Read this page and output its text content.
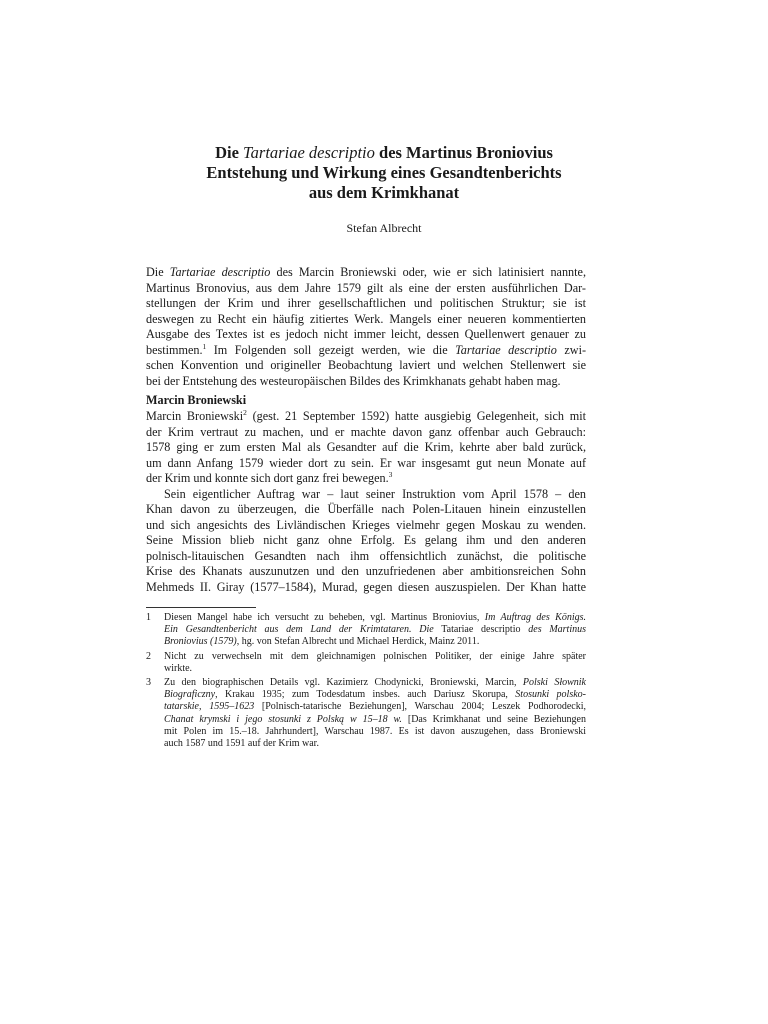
Die Tartariae descriptio des Martinus Broniovius
Entstehung und Wirkung eines Gesandtenberichts
aus dem Krimkhanat
Stefan Albrecht
Die Tartariae descriptio des Marcin Broniewski oder, wie er sich latinisiert nannte,
Martinus Bronovius, aus dem Jahre 1579 gilt als eine der ersten ausführlichen Dar-
stellungen der Krim und ihrer gesellschaftlichen und politischen Struktur; sie ist
deswegen zu Recht ein häufig zitiertes Werk. Mangels einer neueren kommentierten
Ausgabe des Textes ist es jedoch nicht immer leicht, dessen Quellenwert genauer zu
bestimmen.$^1$ Im Folgenden soll gezeigt werden, wie die Tartariae descriptio zwi-
schen Konvention und origineller Beobachtung laviert und welchen Stellenwert sie
bei der Entstehung des westeuropäischen Bildes des Krimkhanats gehabt haben mag.
Marcin Broniewski
Marcin Broniewski$^2$ (gest. 21 September 1592) hatte ausgiebig Gelegenheit, sich mit
der Krim vertraut zu machen, und er machte davon ganz offenbar auch Gebrauch:
1578 ging er zum ersten Mal als Gesandter auf die Krim, kehrte aber bald zurück,
um dann Anfang 1579 wieder dort zu sein. Er war insgesamt gut neun Monate auf
der Krim und konnte sich dort ganz frei bewegen.$^3$
Sein eigentlicher Auftrag war – laut seiner Instruktion vom April 1578 – den
Khan davon zu überzeugen, die Überfälle nach Polen-Litauen hinein einzustellen
und sich angesichts des Livländischen Krieges vielmehr gegen Moskau zu wenden.
Seine Mission blieb nicht ganz ohne Erfolg. Es gelang ihm und den anderen
polnisch-litauischen Gesandten nach ihm offensichtlich zunächst, die politische
Krise des Khanats auszunutzen und den unzufriedenen aber ambitionsreichen Sohn
Mehmeds II. Giray (1577–1584), Murad, gegen diesen auszuspielen. Der Khan hatte
1 Diesen Mangel habe ich versucht zu beheben, vgl. Martinus Broniovius, Im Auftrag des Königs.
Ein Gesandtenbericht aus dem Land der Krimtataren. Die Tatariae descriptio des Martinus
Broniovius (1579), hg. von Stefan Albrecht und Michael Herdick, Mainz 2011.
2 Nicht zu verwechseln mit dem gleichnamigen polnischen Politiker, der einige Jahre später
wirkte.
3 Zu den biographischen Details vgl. Kazimierz Chodynicki, Broniewski, Marcin, Polski Słownik
Biograficzny, Krakau 1935; zum Todesdatum insbes. auch Dariusz Skorupa, Stosunki polsko-
tatarskie, 1595–1623 [Polnisch-tatarische Beziehungen], Warschau 2004; Leszek Podhorodecki,
Chanat krymski i jego stosunki z Polską w 15–18 w. [Das Krimkhanat und seine Beziehungen
mit Polen im 15.–18. Jahrhundert], Warschau 1987. Es ist davon auszugehen, dass Broniewski
auch 1587 und 1591 auf der Krim war.
